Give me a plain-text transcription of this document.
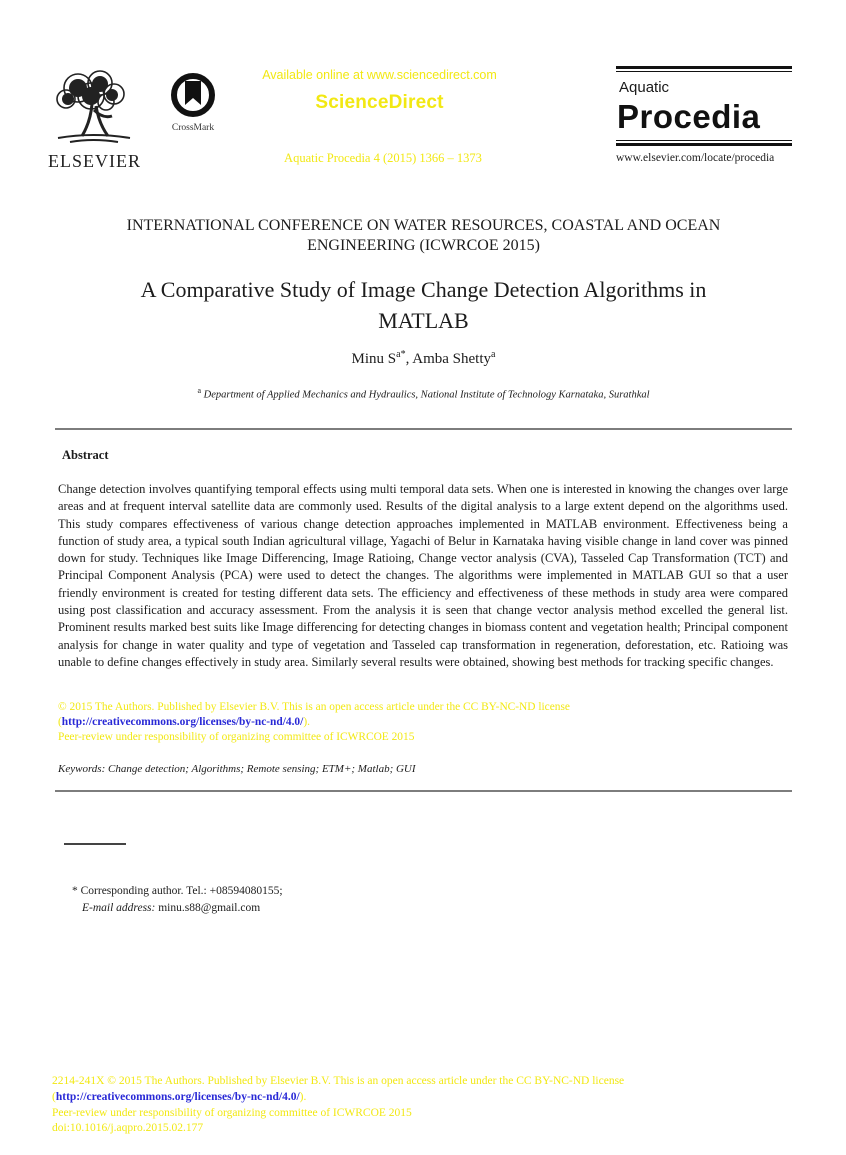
ELSEVIER
CrossMark
Available online at www.sciencedirect.com
ScienceDirect
Aquatic Procedia 4 (2015) 1366 – 1373
Aquatic
Procedia
www.elsevier.com/locate/procedia
INTERNATIONAL CONFERENCE ON WATER RESOURCES, COASTAL AND OCEAN
ENGINEERING (ICWRCOE 2015)
A Comparative Study of Image Change Detection Algorithms in
MATLAB
Minu $S^{a*}$, Amba Shetty$^a$
$^a$ Department of Applied Mechanics and Hydraulics, National Institute of Technology Karnataka, Surathkal
Abstract
Change detection involves quantifying temporal effects using multi temporal data sets. When one is interested in knowing the changes over large areas and at frequent interval satellite data are commonly used. Results of the digital analysis to a large extent depend on the algorithms used. This study compares effectiveness of various change detection approaches implemented in MATLAB environment. Effectiveness being a function of study area, a typical south Indian agricultural village, Yagachi of Belur in Karnataka having visible change in land cover was pinned down for study. Techniques like Image Differencing, Image Ratioing, Change vector analysis (CVA), Tasseled Cap Transformation (TCT) and Principal Component Analysis (PCA) were used to detect the changes. The algorithms were implemented in MATLAB GUI so that a user friendly environment is created for testing different data sets. The efficiency and effectiveness of these methods in study area were compared using post classification and accuracy assessment. From the analysis it is seen that change vector analysis method excelled the general list. Prominent results marked best suits like Image differencing for detecting changes in biomass content and vegetation health; Principal component analysis for change in water quality and type of vegetation and Tasseled cap transformation in regeneration, deforestation, etc. Ratioing was unable to define changes effectively in study area. Similarly several results were obtained, showing best methods for tracking specific changes.
© 2015 The Authors. Published by Elsevier B.V. This is an open access article under the CC BY-NC-ND license
(http://creativecommons.org/licenses/by-nc-nd/4.0/).
Peer-review under responsibility of organizing committee of ICWRCOE 2015
Keywords: Change detection; Algorithms; Remote sensing; ETM+; Matlab; GUI
* Corresponding author. Tel.: +08594080155;
E-mail address: minu.s88@gmail.com
2214-241X © 2015 The Authors. Published by Elsevier B.V. This is an open access article under the CC BY-NC-ND license
(http://creativecommons.org/licenses/by-nc-nd/4.0/).
Peer-review under responsibility of organizing committee of ICWRCOE 2015
doi:10.1016/j.aqpro.2015.02.177
